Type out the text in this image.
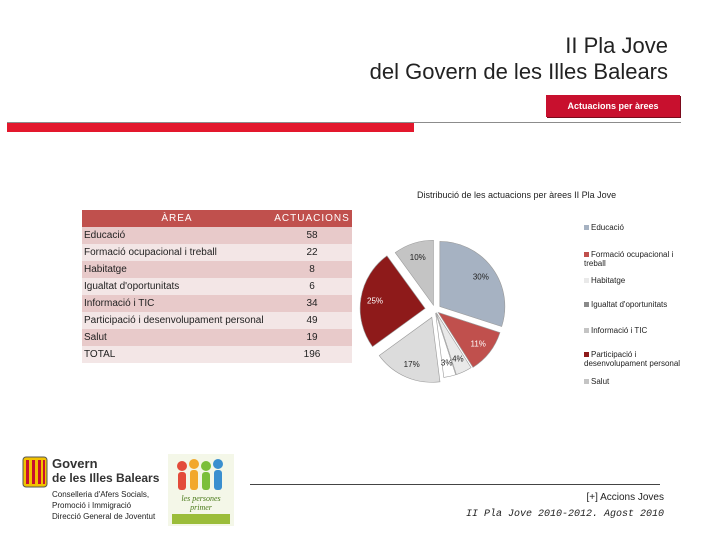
II Pla Jove
del Govern de les Illes Balears
Actuacions per àrees
Distribució de les actuacions per àrees II Pla Jove
ÀREA	ACTUACIONS
Educació	58
Formació ocupacional i treball	22
Habitatge	8
Igualtat d'oportunitats	6
Informació i TIC	34
Participació i desenvolupament personal	49
Salut	19
TOTAL	196
30%
11%
4%
3%
17%
25%
10%
Educació
Formació ocupacional i treball
Habitatge
Igualtat d'oportunitats
Informació i TIC
Participació i desenvolupament personal
Salut
Govern
de les Illes Balears
Conselleria d'Afers Socials,
Promoció i Immigració
Direcció General de Joventut
les persones primer
[+] Accions Joves
II Pla Jove 2010-2012. Agost 2010
